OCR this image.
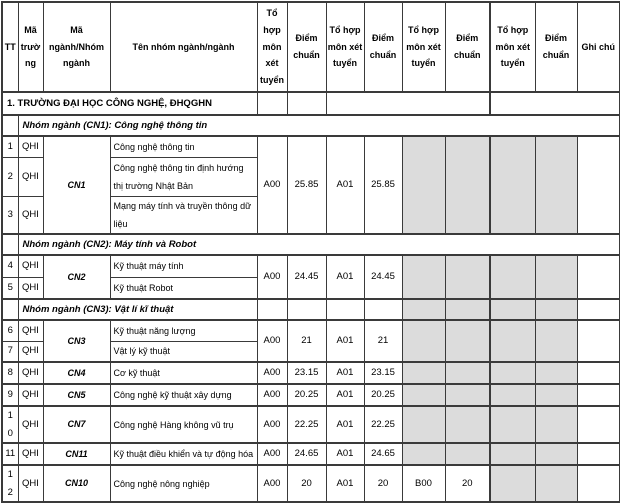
TT	Mã trường	Mã ngành/Nhóm ngành	Tên nhóm ngành/ngành	Tổ hợp môn xét tuyển	Điểm chuẩn	Tổ hợp môn xét tuyển	Điểm chuẩn	Tổ hợp môn xét tuyển	Điểm chuẩn	Tổ hợp môn xét tuyển	Điểm chuẩn	Ghi chú
1. TRƯỜNG ĐẠI HỌC CÔNG NGHỆ, ĐHQGHN												
	Nhóm ngành (CN1): Công nghệ thông tin											
1	QHI	CN1	Công nghệ thông tin	A00	25.85	A01	25.85					
2	QHI		Công nghệ thông tin định hướng thị trường Nhật Bản									
3	QHI		Mạng máy tính và truyền thông dữ liệu									
	Nhóm ngành (CN2): Máy tính và Robot											
4	QHI	CN2	Kỹ thuật máy tính	A00	24.45	A01	24.45					
5	QHI		Kỹ thuật Robot									
	Nhóm ngành (CN3): Vật lí kĩ thuật											
6	QHI	CN3	Kỹ thuật năng lượng	A00	21	A01	21					
7	QHI		Vật lý kỹ thuật									
8	QHI	CN4	Cơ kỹ thuật	A00	23.15	A01	23.15					
9	QHI	CN5	Công nghệ kỹ thuật xây dựng	A00	20.25	A01	20.25					
10	QHI	CN7	Công nghệ Hàng không vũ trụ	A00	22.25	A01	22.25					
11	QHI	CN11	Kỹ thuật điều khiển và tự động hóa	A00	24.65	A01	24.65					
12	QHI	CN10	Công nghệ nông nghiệp	A00	20	A01	20	B00	20			
